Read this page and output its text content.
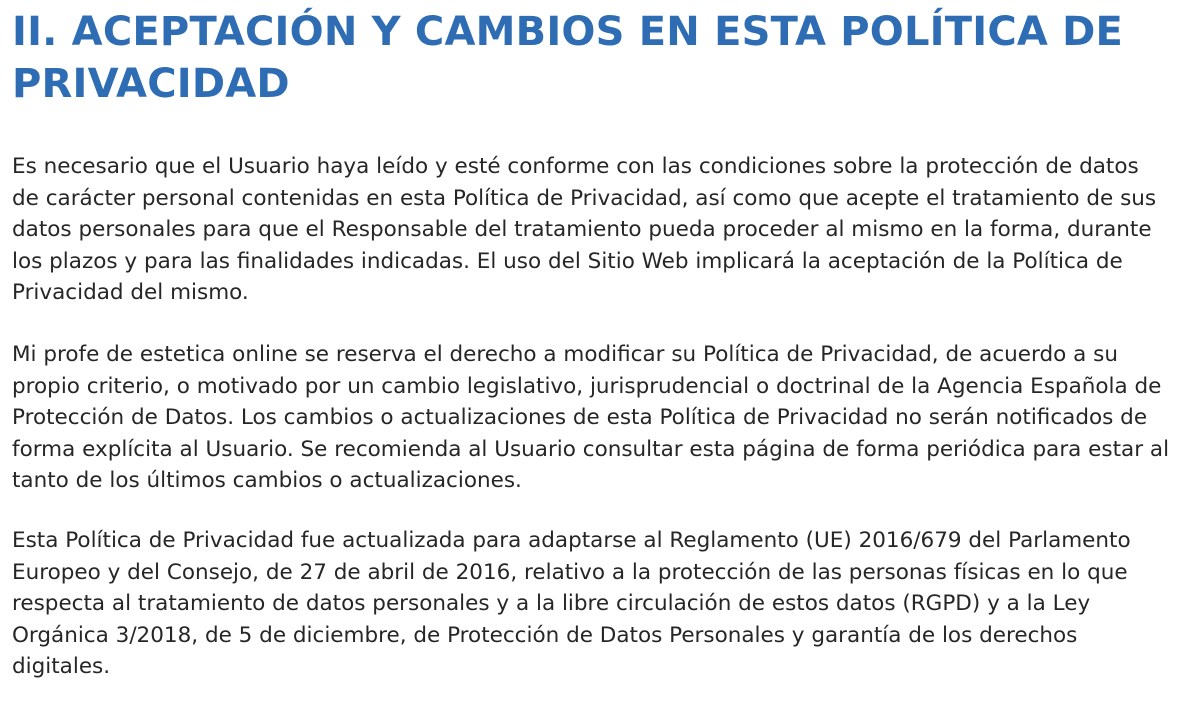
II. ACEPTACIÓN Y CAMBIOS EN ESTA POLÍTICA DE
PRIVACIDAD

Es necesario que el Usuario haya leído y esté conforme con las condiciones sobre la protección de datos
de carácter personal contenidas en esta Política de Privacidad, así como que acepte el tratamiento de sus
datos personales para que el Responsable del tratamiento pueda proceder al mismo en la forma, durante
los plazos y para las finalidades indicadas. El uso del Sitio Web implicará la aceptación de la Política de
Privacidad del mismo.

Mi profe de estetica online se reserva el derecho a modificar su Política de Privacidad, de acuerdo a su
propio criterio, o motivado por un cambio legislativo, jurisprudencial o doctrinal de la Agencia Española de
Protección de Datos. Los cambios o actualizaciones de esta Política de Privacidad no serán notificados de
forma explícita al Usuario. Se recomienda al Usuario consultar esta página de forma periódica para estar al
tanto de los últimos cambios o actualizaciones.

Esta Política de Privacidad fue actualizada para adaptarse al Reglamento (UE) 2016/679 del Parlamento
Europeo y del Consejo, de 27 de abril de 2016, relativo a la protección de las personas físicas en lo que
respecta al tratamiento de datos personales y a la libre circulación de estos datos (RGPD) y a la Ley
Orgánica 3/2018, de 5 de diciembre, de Protección de Datos Personales y garantía de los derechos
digitales.
